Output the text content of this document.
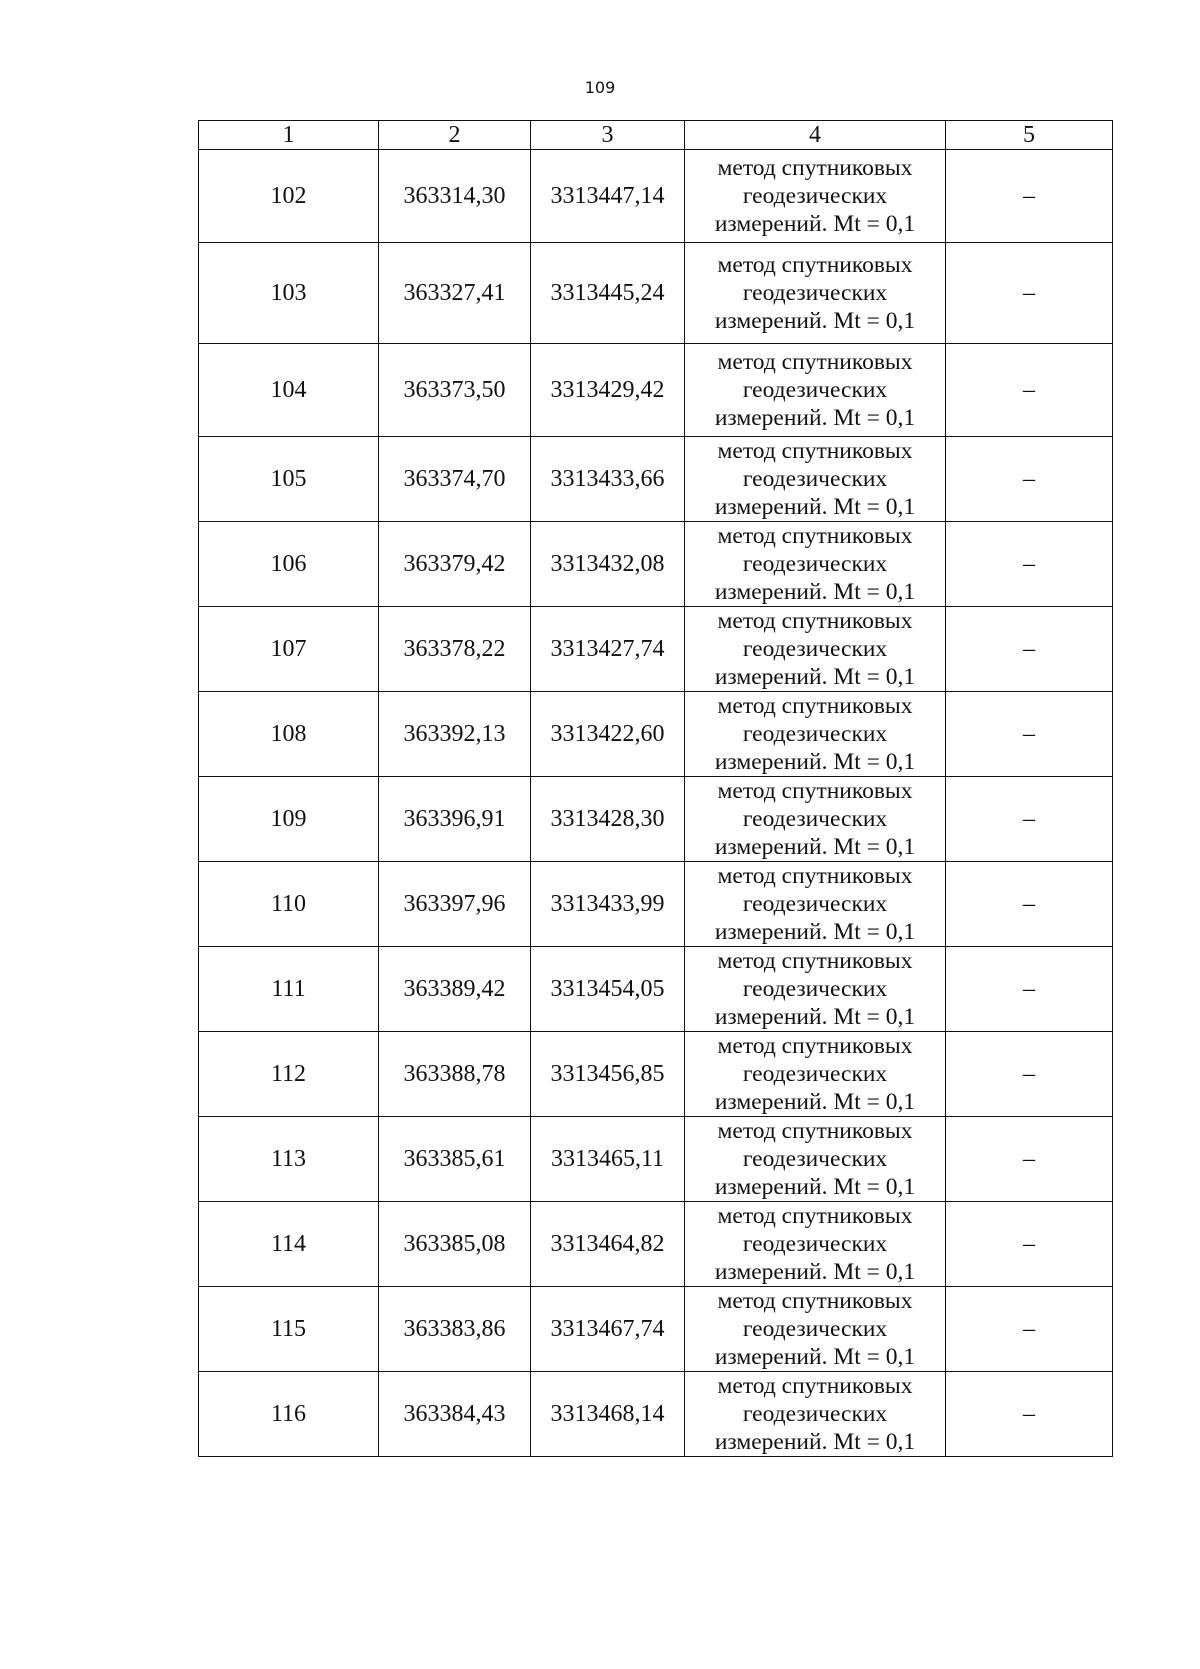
109
1	2	3	4	5
102	363314,30	3313447,14	метод спутниковых
геодезических
измерений. Mt = 0,1	–
103	363327,41	3313445,24	метод спутниковых
геодезических
измерений. Mt = 0,1	–
104	363373,50	3313429,42	метод спутниковых
геодезических
измерений. Mt = 0,1	–
105	363374,70	3313433,66	метод спутниковых
геодезических
измерений. Mt = 0,1	–
106	363379,42	3313432,08	метод спутниковых
геодезических
измерений. Mt = 0,1	–
107	363378,22	3313427,74	метод спутниковых
геодезических
измерений. Mt = 0,1	–
108	363392,13	3313422,60	метод спутниковых
геодезических
измерений. Mt = 0,1	–
109	363396,91	3313428,30	метод спутниковых
геодезических
измерений. Mt = 0,1	–
110	363397,96	3313433,99	метод спутниковых
геодезических
измерений. Mt = 0,1	–
111	363389,42	3313454,05	метод спутниковых
геодезических
измерений. Mt = 0,1	–
112	363388,78	3313456,85	метод спутниковых
геодезических
измерений. Mt = 0,1	–
113	363385,61	3313465,11	метод спутниковых
геодезических
измерений. Mt = 0,1	–
114	363385,08	3313464,82	метод спутниковых
геодезических
измерений. Mt = 0,1	–
115	363383,86	3313467,74	метод спутниковых
геодезических
измерений. Mt = 0,1	–
116	363384,43	3313468,14	метод спутниковых
геодезических
измерений. Mt = 0,1	–
